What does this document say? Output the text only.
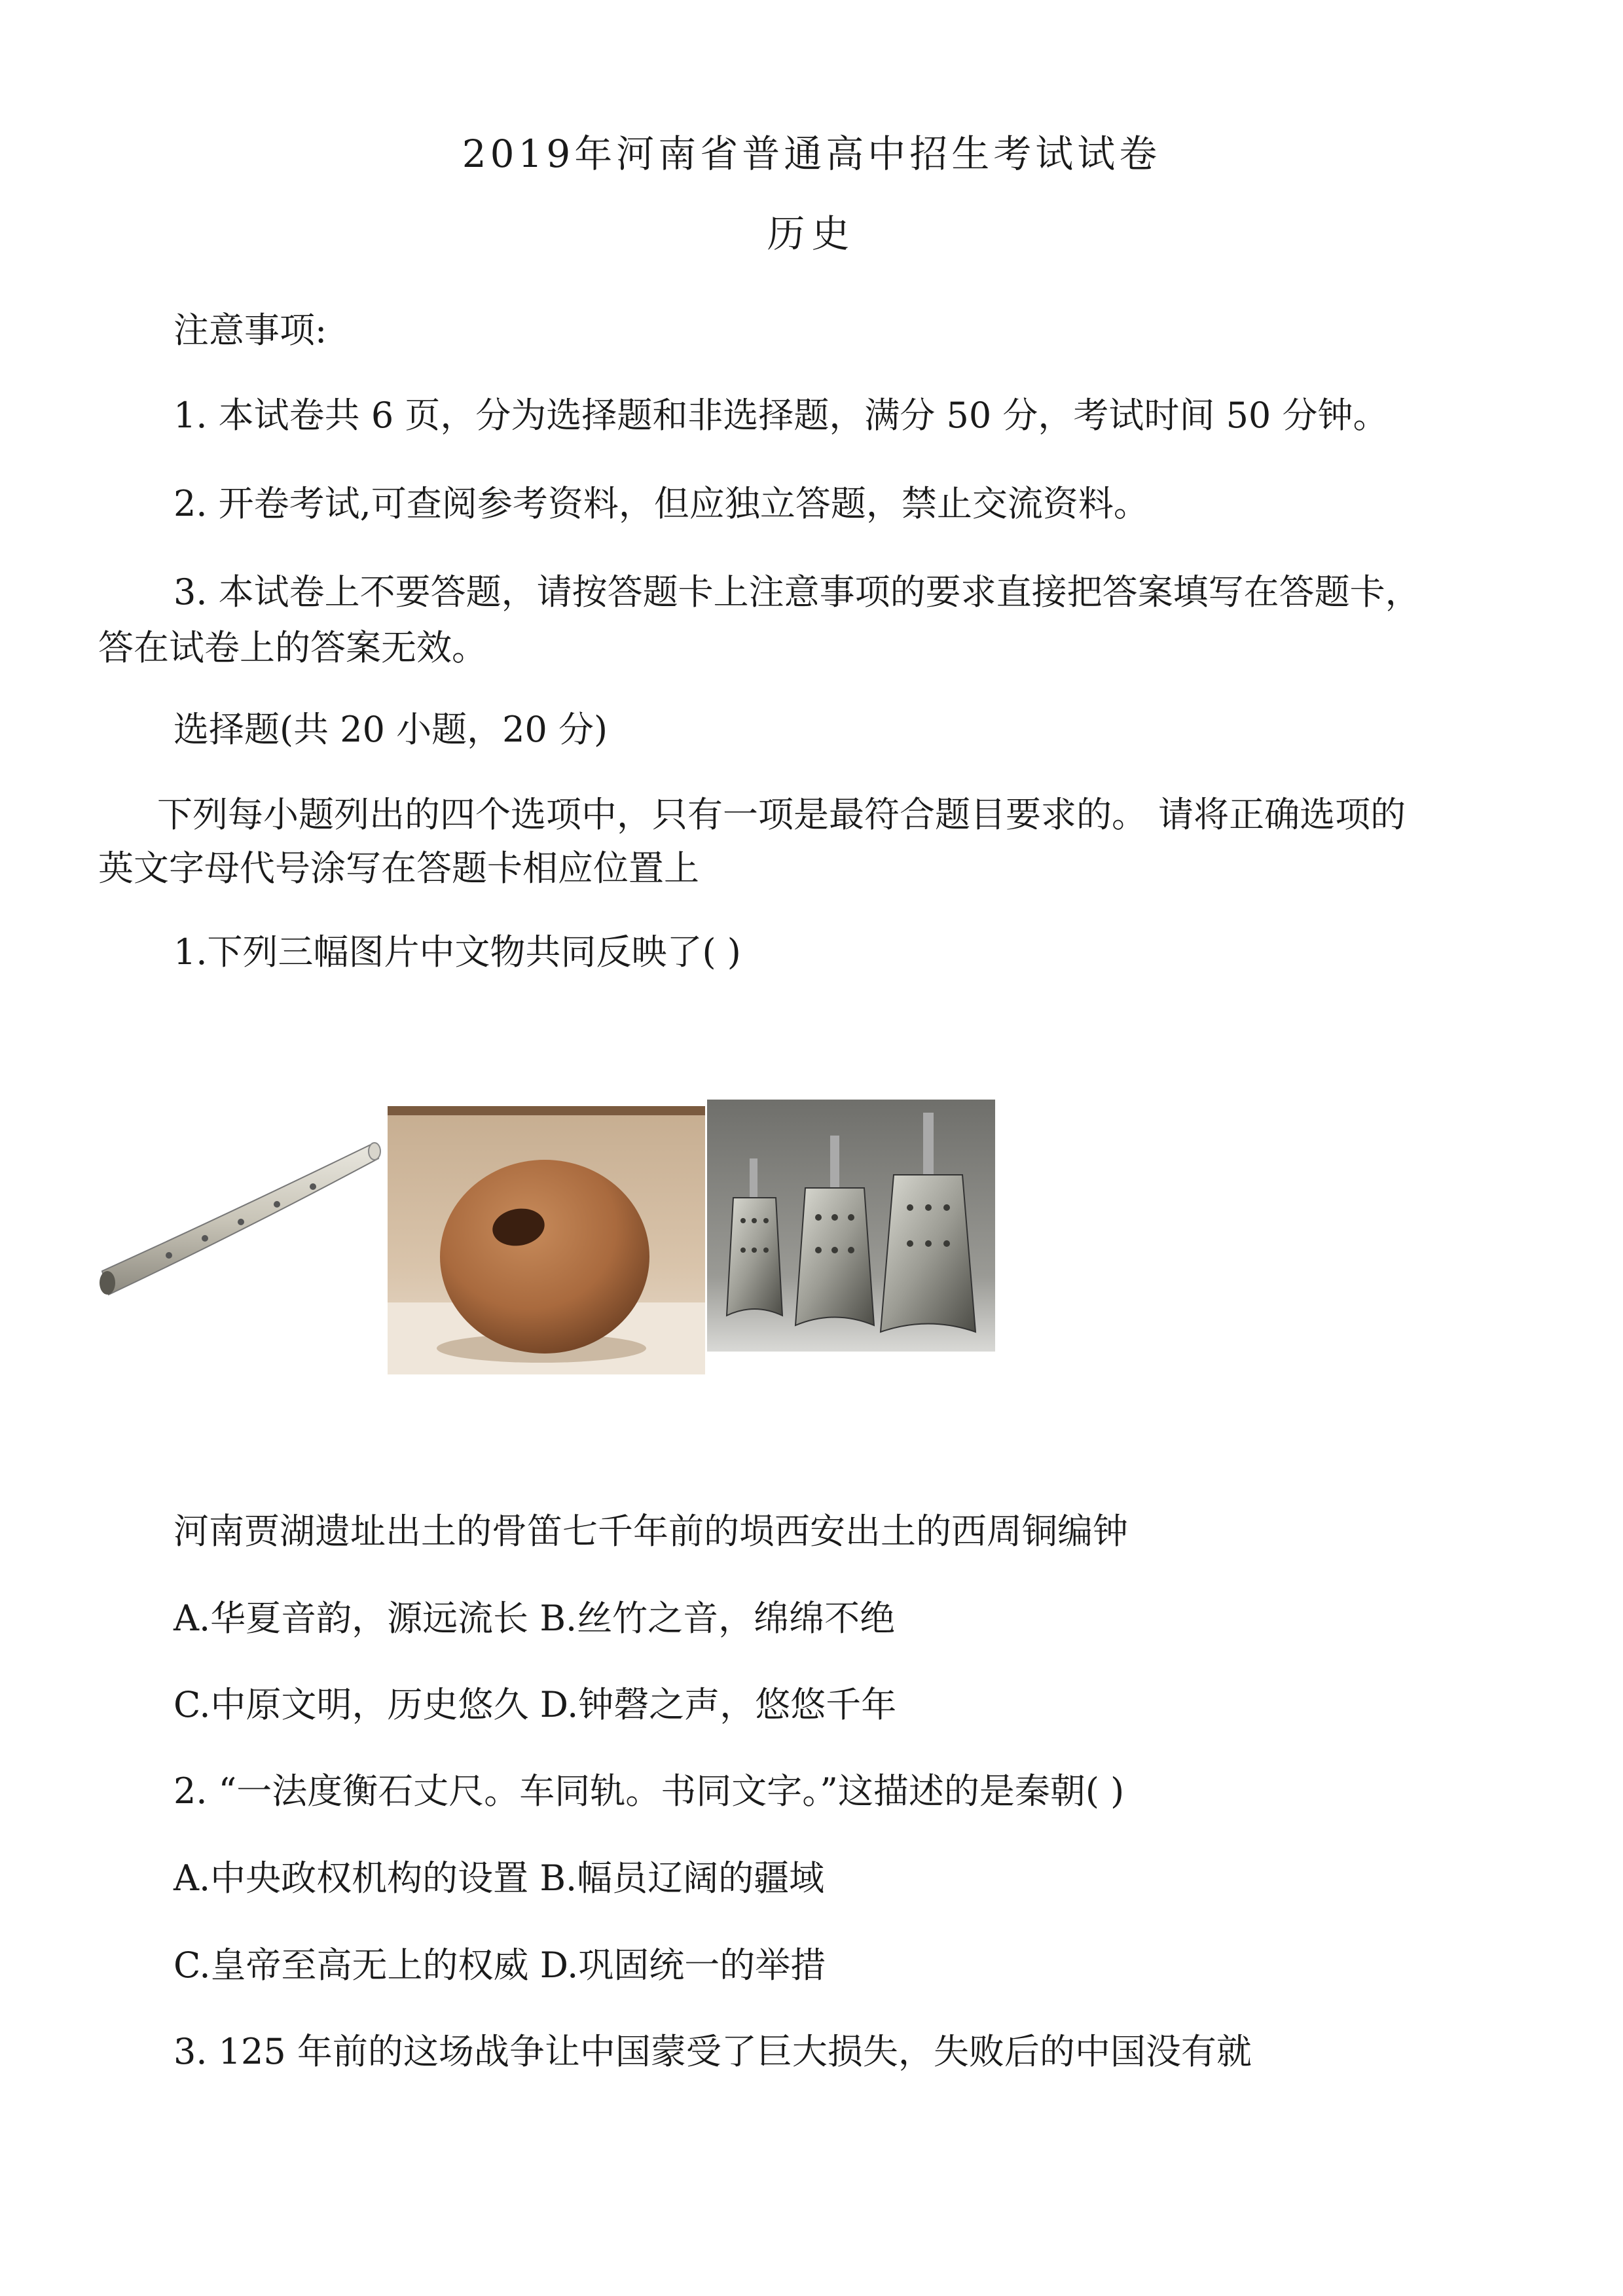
2019年河南省普通高中招生考试试卷
历史
注意事项:
1. 本试卷共 6 页，分为选择题和非选择题，满分 50 分，考试时间 50 分钟。
2. 开卷考试,可查阅参考资料，但应独立答题，禁止交流资料。
3. 本试卷上不要答题，请按答题卡上注意事项的要求直接把答案填写在答题卡，
答在试卷上的答案无效。
选择题(共 20 小题，20 分)
下列每小题列出的四个选项中，只有一项是最符合题目要求的。 请将正确选项的
英文字母代号涂写在答题卡相应位置上
1.下列三幅图片中文物共同反映了( )
河南贾湖遗址出土的骨笛七千年前的埙西安出土的西周铜编钟
A.华夏音韵，源远流长 B.丝竹之音，绵绵不绝
C.中原文明，历史悠久 D.钟磬之声，悠悠千年
2. “一法度衡石丈尺。车同轨。书同文字。”这描述的是秦朝( )
A.中央政权机构的设置 B.幅员辽阔的疆域
C.皇帝至高无上的权威 D.巩固统一的举措
3. 125 年前的这场战争让中国蒙受了巨大损失，失败后的中国没有就
